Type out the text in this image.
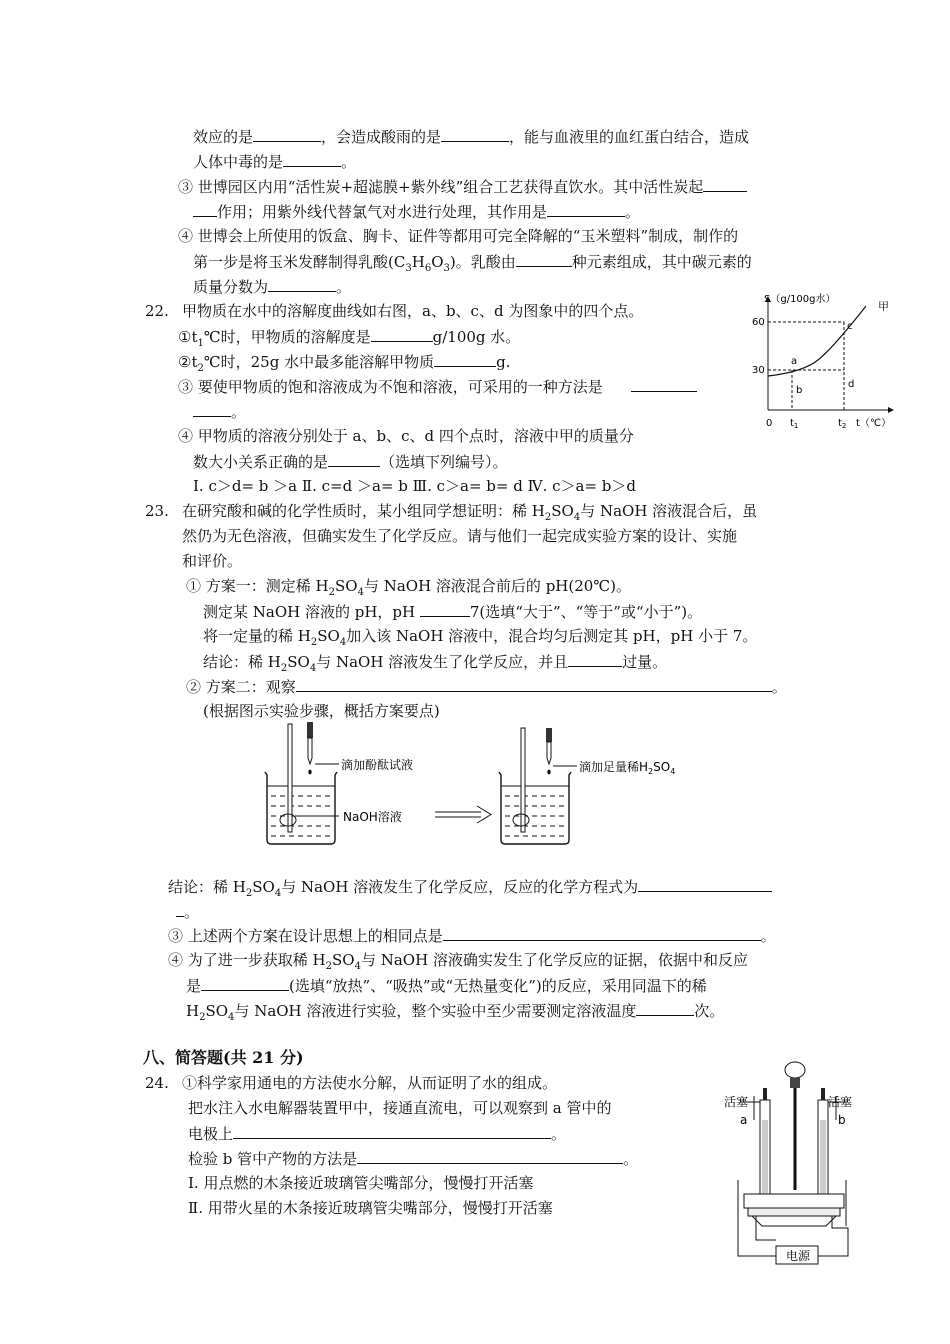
效应的是	，会造成酸雨的是	，能与血液里的血红蛋白结合，造成
人体中毒的是	。
③ 世博园区内用“活性炭+超滤膜+紫外线”组合工艺获得直饮水。其中活性炭起
作用；用紫外线代替氯气对水进行处理，其作用是	。
④ 世博会上所使用的饭盒、胸卡、证件等都用可完全降解的“玉米塑料”制成，制作的
第一步是将玉米发酵制得乳酸$(C_3H_6O_3)$。乳酸由	种元素组成，其中碳元素的
质量分数为	。
22. 甲物质在水中的溶解度曲线如右图，a、b、c、d 为图象中的四个点。
$①t_1℃$时，甲物质的溶解度是	g/100g 水。
$②t_2℃$时，25g 水中最多能溶解甲物质	g.
③ 要使甲物质的饱和溶液成为不饱和溶液，可采用的一种方法是
。
④ 甲物质的溶液分别处于 a、b、c、d 四个点时，溶液中甲的质量分
数大小关系正确的是	（选填下列编号）。
Ⅰ. c＞d= b ＞a Ⅱ. c=d ＞a= b Ⅲ. c＞a= b= d Ⅳ. c＞a= b＞d
S（g/100g水）
甲
60
30
0 $t_1$	$t_2$ t（℃）
a
b
c
d
23. 在研究酸和碱的化学性质时，某小组同学想证明：稀 $H_2SO_4$与 NaOH 溶液混合后，虽
然仍为无色溶液，但确实发生了化学反应。请与他们一起完成实验方案的设计、实施
和评价。
① 方案一：测定稀 $H_2SO_4$与 NaOH 溶液混合前后的 pH(20℃)。
测定某 NaOH 溶液的 pH，pH	7(选填“大于”、“等于”或“小于”)。
将一定量的稀 $H_2SO_4$加入该 NaOH 溶液中，混合均匀后测定其 pH，pH 小于 7。
结论：稀 $H_2SO_4$与 NaOH 溶液发生了化学反应，并且	过量。
② 方案二：观察	。
(根据图示实验步骤，概括方案要点)
滴加酚酞试液
NaOH溶液
滴加足量稀$H_2SO_4$
结论：稀 $H_2SO_4$与 NaOH 溶液发生了化学反应，反应的化学方程式为
。
③ 上述两个方案在设计思想上的相同点是	。
④ 为了进一步获取稀 $H_2SO_4$与 NaOH 溶液确实发生了化学反应的证据，依据中和反应
是	(选填“放热”、“吸热”或“无热量变化”)的反应，采用同温下的稀
$H_2SO_4$与 NaOH 溶液进行实验，整个实验中至少需要测定溶液温度	次。
八、简答题(共 21 分)
24. ①科学家用通电的方法使水分解，从而证明了水的组成。
把水注入水电解器装置甲中，接通直流电，可以观察到 a 管中的
电极上	。
检验 b 管中产物的方法是	。
Ⅰ. 用点燃的木条接近玻璃管尖嘴部分，慢慢打开活塞
Ⅱ. 用带火星的木条接近玻璃管尖嘴部分，慢慢打开活塞
活塞	活塞
a	b
电源
